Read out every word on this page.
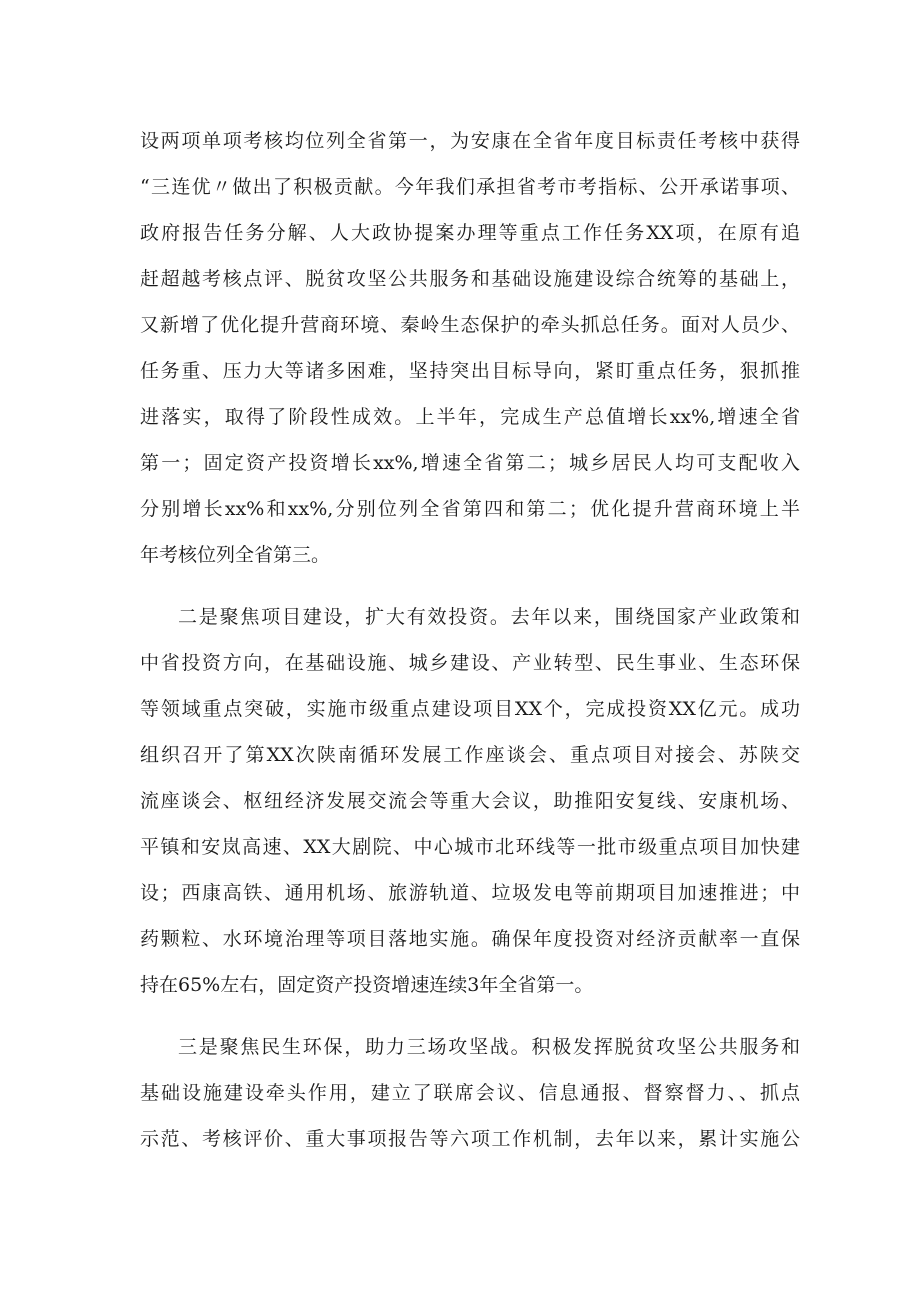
设两项单项考核均位列全省第一，为安康在全省年度目标责任考核中获得
“三连优〃做出了积极贡献。今年我们承担省考市考指标、公开承诺事项、
政府报告任务分解、人大政协提案办理等重点工作任务XX项，在原有追
赶超越考核点评、脱贫攻坚公共服务和基础设施建设综合统筹的基础上，
又新增了优化提升营商环境、秦岭生态保护的牵头抓总任务。面对人员少、
任务重、压力大等诸多困难，坚持突出目标导向，紧盯重点任务，狠抓推
进落实，取得了阶段性成效。上半年，完成生产总值增长xx%,增速全省
第一；固定资产投资增长xx%,增速全省第二；城乡居民人均可支配收入
分别增长xx%和xx%,分别位列全省第四和第二；优化提升营商环境上半
年考核位列全省第三。
二是聚焦项目建设，扩大有效投资。去年以来，围绕国家产业政策和
中省投资方向，在基础设施、城乡建设、产业转型、民生事业、生态环保
等领域重点突破，实施市级重点建设项目XX个，完成投资XX亿元。成功
组织召开了第XX次陕南循环发展工作座谈会、重点项目对接会、苏陕交
流座谈会、枢纽经济发展交流会等重大会议，助推阳安复线、安康机场、
平镇和安岚高速、XX大剧院、中心城市北环线等一批市级重点项目加快建
设；西康高铁、通用机场、旅游轨道、垃圾发电等前期项目加速推进；中
药颗粒、水环境治理等项目落地实施。确保年度投资对经济贡献率一直保
持在65%左右，固定资产投资增速连续3年全省第一。
三是聚焦民生环保，助力三场攻坚战。积极发挥脱贫攻坚公共服务和
基础设施建设牵头作用，建立了联席会议、信息通报、督察督力、、抓点
示范、考核评价、重大事项报告等六项工作机制，去年以来，累计实施公
